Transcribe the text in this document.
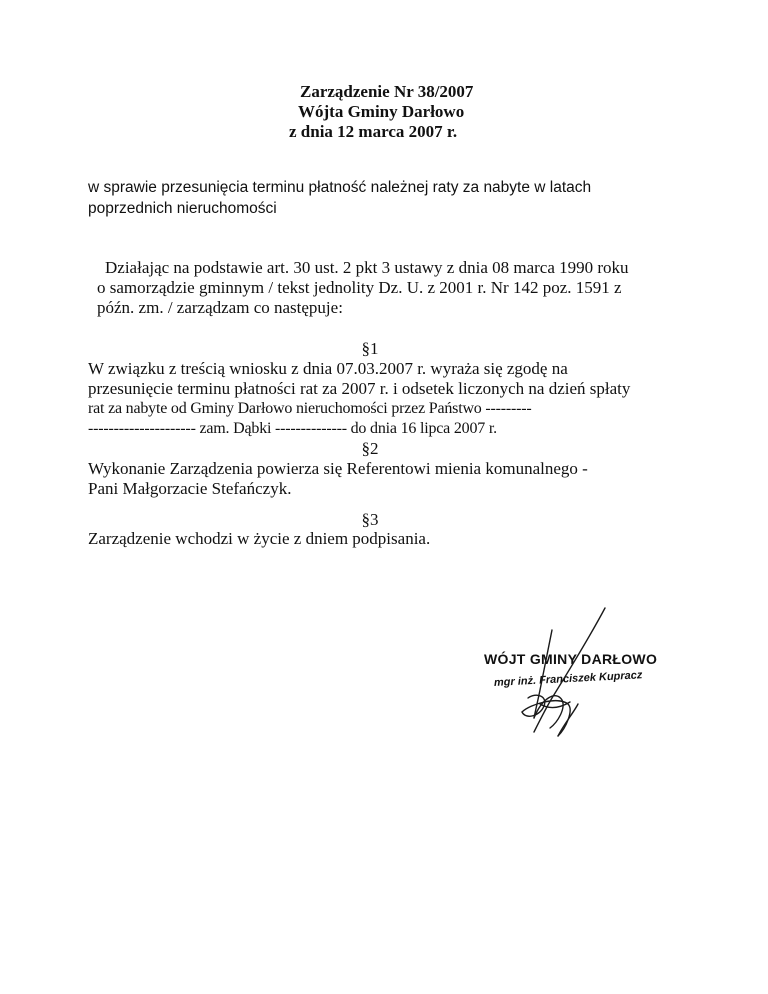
Zarządzenie Nr 38/2007
Wójta Gminy Darłowo
z dnia 12 marca 2007 r.
w sprawie przesunięcia terminu płatność należnej raty za nabyte w latach
poprzednich nieruchomości
Działając na podstawie art. 30 ust. 2 pkt 3 ustawy z dnia 08 marca 1990 roku
o samorządzie gminnym / tekst jednolity Dz. U. z 2001 r. Nr 142 poz. 1591 z
późn. zm. / zarządzam co następuje:
§1
W związku z treścią wniosku z dnia 07.03.2007 r. wyraża się zgodę na
przesunięcie terminu płatności rat za 2007 r. i odsetek liczonych na dzień spłaty
rat za nabyte od Gminy Darłowo nieruchomości przez Państwo ---------
--------------------- zam. Dąbki -------------- do dnia 16 lipca 2007 r.
§2
Wykonanie Zarządzenia powierza się Referentowi mienia komunalnego -
Pani Małgorzacie Stefańczyk.
§3
Zarządzenie wchodzi w życie z dniem podpisania.
WÓJT GMINY DARŁOWO
mgr inż. Franciszek Kupracz
